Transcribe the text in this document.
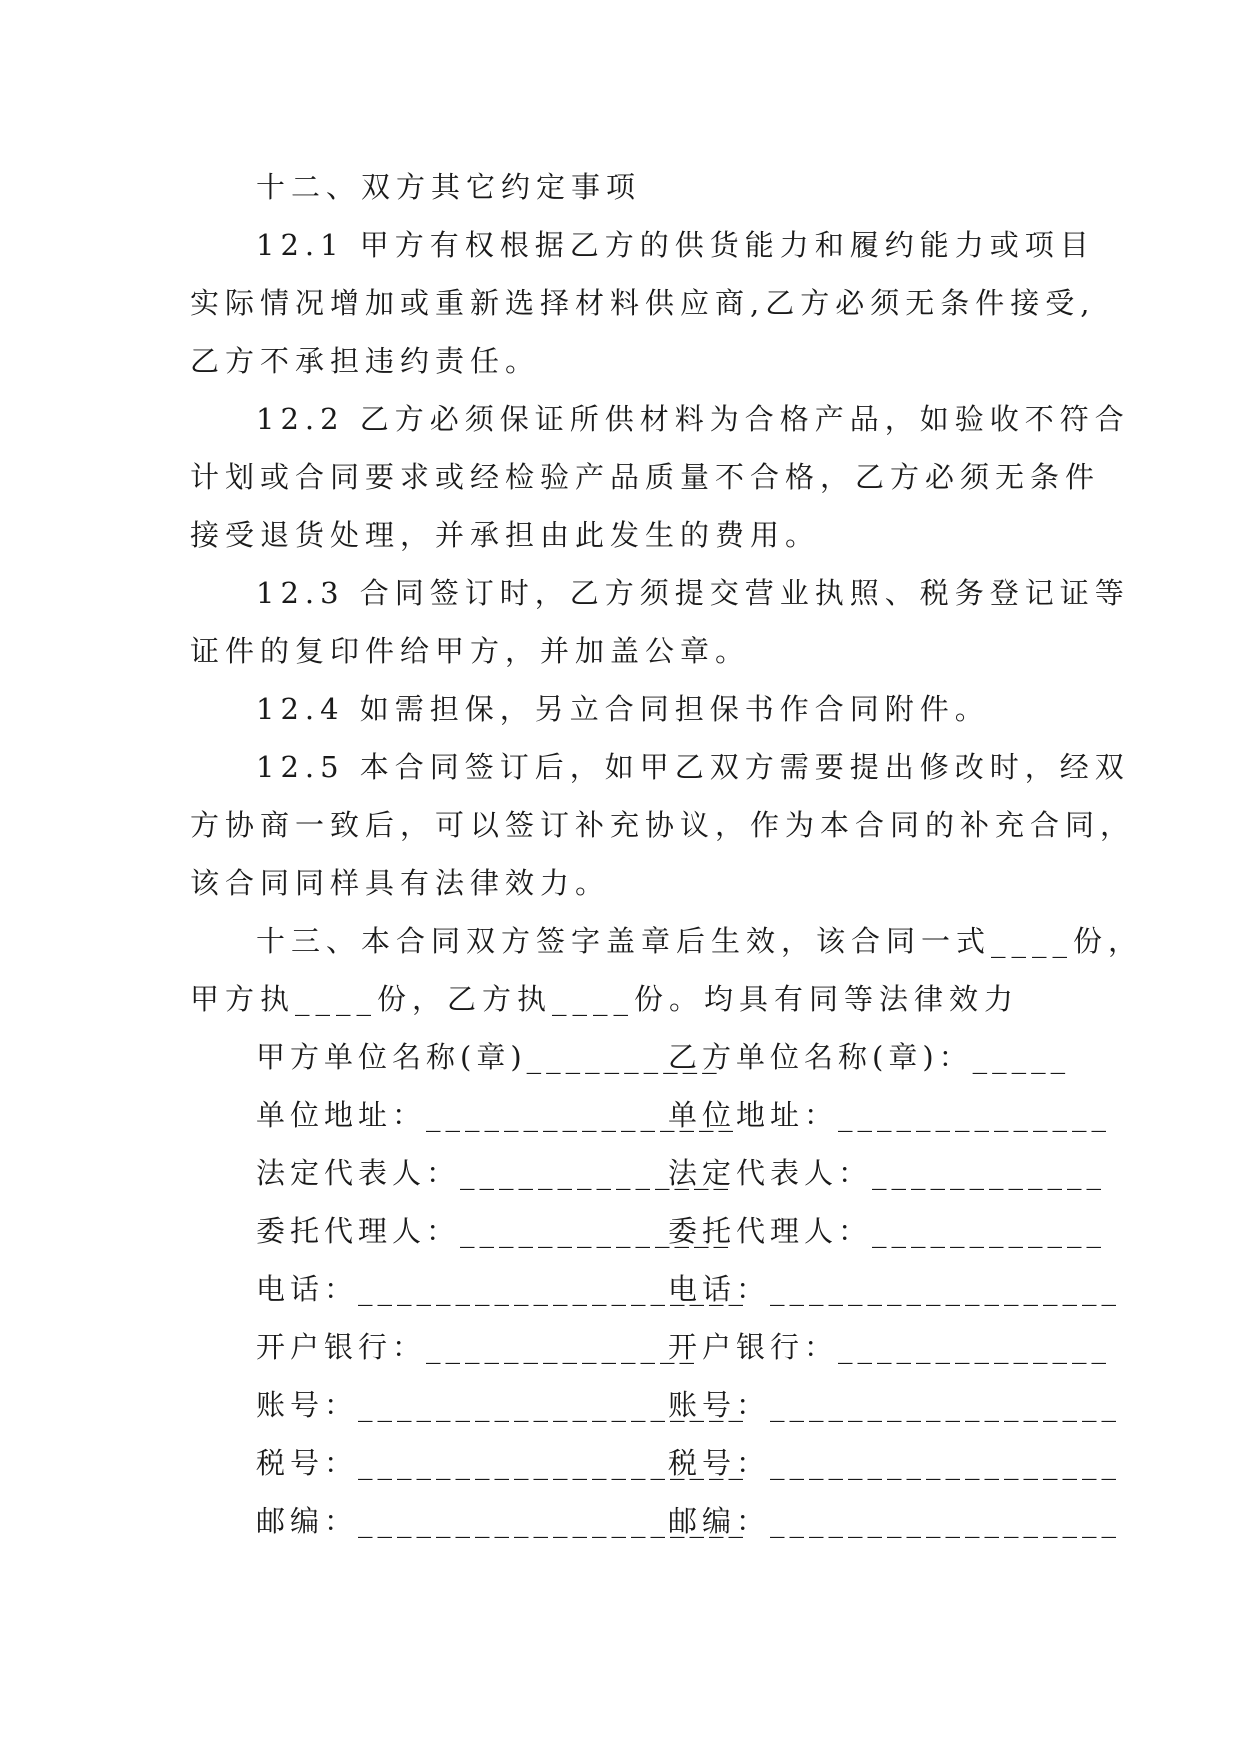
十二、双方其它约定事项
12.1 甲方有权根据乙方的供货能力和履约能力或项目
实际情况增加或重新选择材料供应商,乙方必须无条件接受,
乙方不承担违约责任。
12.2 乙方必须保证所供材料为合格产品，如验收不符合
计划或合同要求或经检验产品质量不合格，乙方必须无条件
接受退货处理，并承担由此发生的费用。
12.3 合同签订时，乙方须提交营业执照、税务登记证等
证件的复印件给甲方，并加盖公章。
12.4 如需担保，另立合同担保书作合同附件。
12.5 本合同签订后，如甲乙双方需要提出修改时，经双
方协商一致后，可以签订补充协议，作为本合同的补充合同，
该合同同样具有法律效力。
十三、本合同双方签字盖章后生效，该合同一式____份，
甲方执____份，乙方执____份。均具有同等法律效力
甲方单位名称(章)__________
乙方单位名称(章)：_____
单位地址：________________
单位地址：______________
法定代表人：______________
法定代表人：____________
委托代理人：______________
委托代理人：____________
电话：____________________
电话：__________________
开户银行：______________
开户银行：______________
账号：____________________
账号：__________________
税号：____________________
税号：__________________
邮编：____________________
邮编：__________________
